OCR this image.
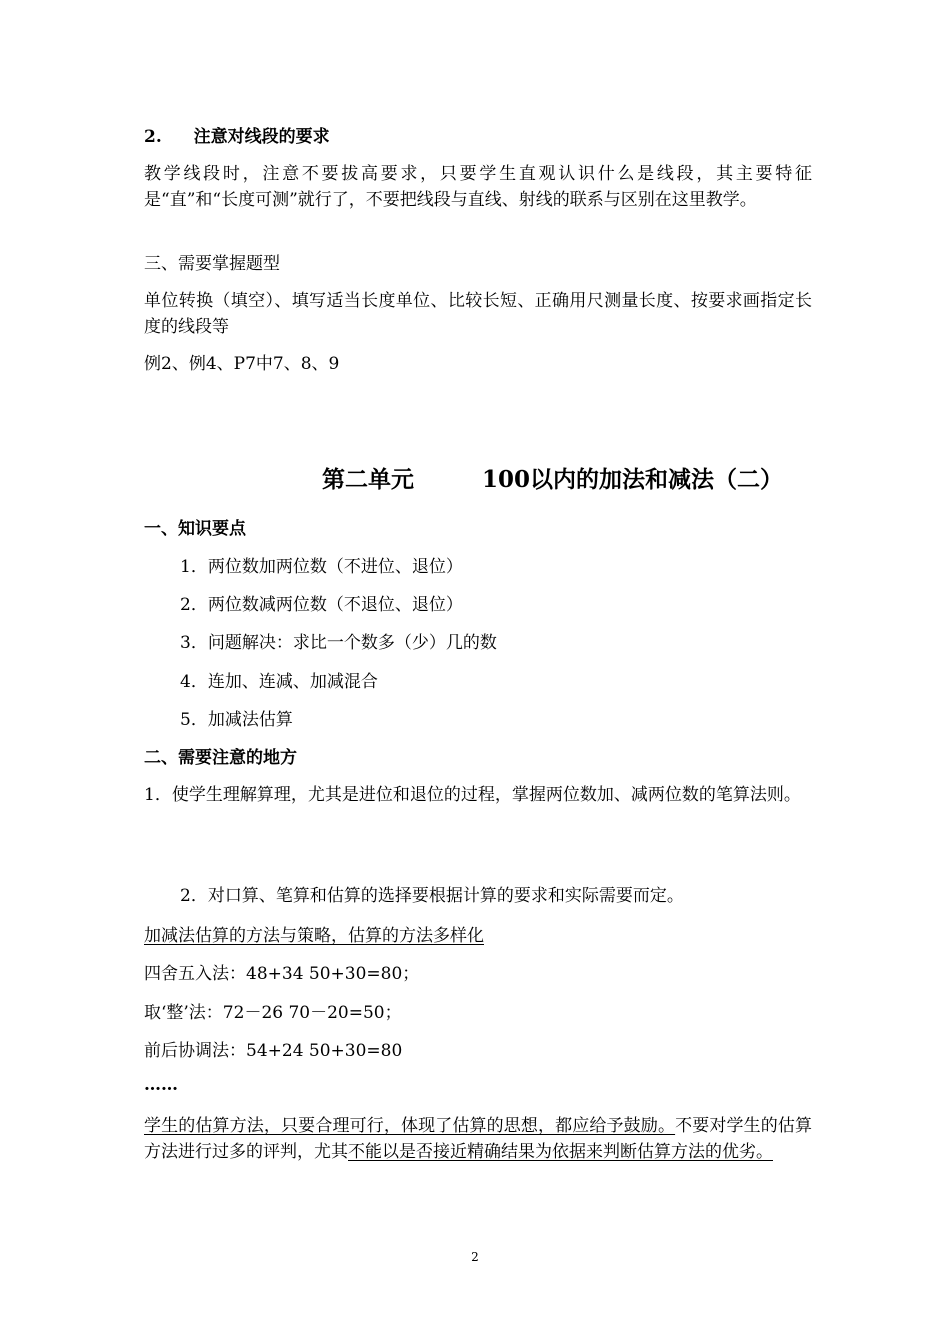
2. 注意对线段的要求
教学线段时，注意不要拔高要求，只要学生直观认识什么是线段，其主要特征是“直”和“长度可测”就行了，不要把线段与直线、射线的联系与区别在这里教学。
三、需要掌握题型
单位转换（填空）、填写适当长度单位、比较长短、正确用尺测量长度、按要求画指定长度的线段等
例2、例4、P7中7、8、9
第二单元	100以内的加法和减法（二）
一、知识要点
1．两位数加两位数（不进位、退位）
2．两位数减两位数（不退位、退位）
3．问题解决：求比一个数多（少）几的数
4．连加、连减、加减混合
5．加减法估算
二、需要注意的地方
1．使学生理解算理，尤其是进位和退位的过程，掌握两位数加、减两位数的笔算法则。
2．对口算、笔算和估算的选择要根据计算的要求和实际需要而定。
加减法估算的方法与策略，估算的方法多样化
四舍五入法：48+34 50+30=80；
取‘整’法：72－26 70－20=50；
前后协调法：54+24 50+30=80
……
学生的估算方法，只要合理可行，体现了估算的思想，都应给予鼓励。不要对学生的估算方法进行过多的评判，尤其不能以是否接近精确结果为依据来判断估算方法的优劣。
2
